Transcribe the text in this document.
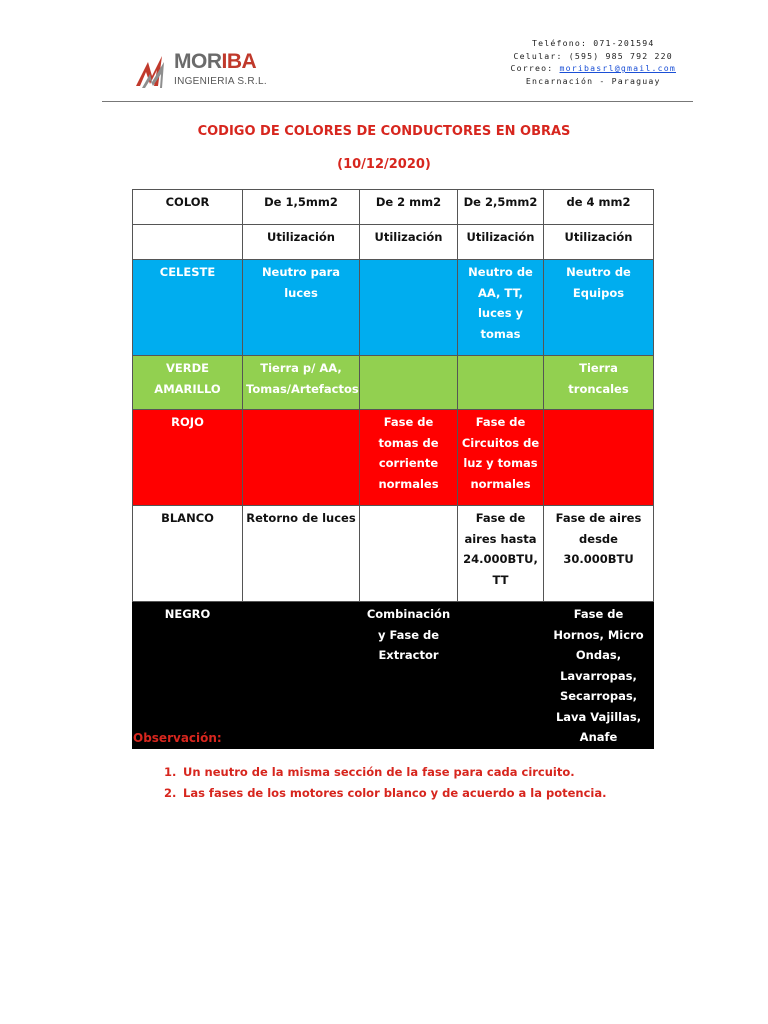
MORIBA
INGENIERIA S.R.L.
Teléfono: 071-201594
Celular: (595) 985 792 220
Correo: moribasrl@gmail.com
Encarnación - Paraguay
CODIGO DE COLORES DE CONDUCTORES EN OBRAS
(10/12/2020)
COLOR	De 1,5mm2	De 2 mm2	De 2,5mm2	de 4 mm2
	Utilización	Utilización	Utilización	Utilización
CELESTE	Neutro para luces		Neutro de AA, TT, luces y tomas	Neutro de Equipos
VERDE AMARILLO	Tierra p/ AA, Tomas/Artefactos			Tierra troncales
ROJO		Fase de tomas de corriente normales	Fase de Circuitos de luz y tomas normales	
BLANCO	Retorno de luces		Fase de aires hasta 24.000BTU, TT	Fase de aires desde 30.000BTU
NEGRO		Combinación y Fase de Extractor		Fase de Hornos, Micro Ondas, Lavarropas, Secarropas, Lava Vajillas, Anafe
Observación:
1. Un neutro de la misma sección de la fase para cada circuito.
2. Las fases de los motores color blanco y de acuerdo a la potencia.
